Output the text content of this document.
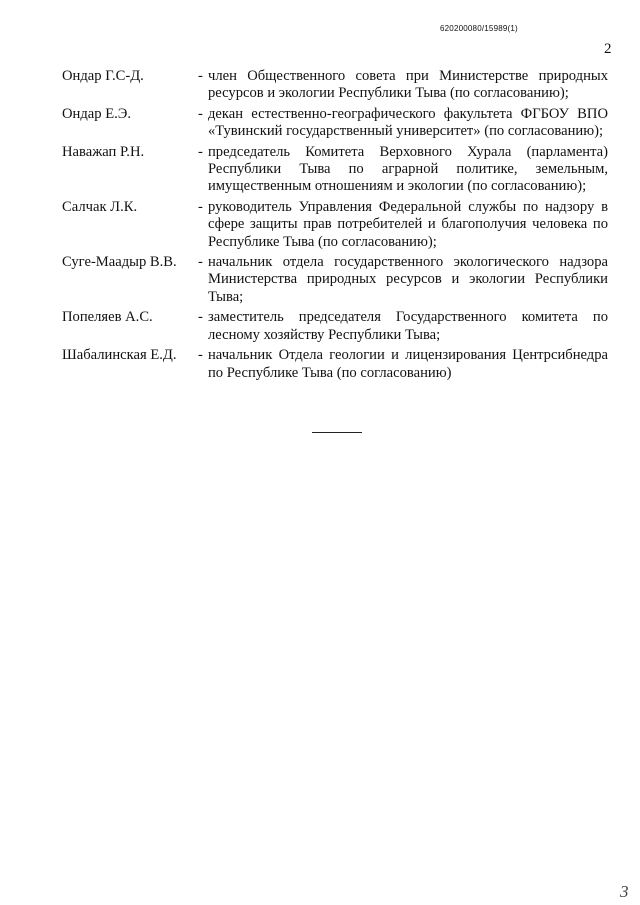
620200080/15989(1)
2
Ондар Г.С-Д.	- член Общественного совета при Министерстве природных ресурсов и экологии Республики Тыва (по согласованию);
Ондар Е.Э.	- декан естественно-географического факультета ФГБОУ ВПО «Тувинский государственный университет» (по согласованию);
Наважап Р.Н.	- председатель Комитета Верховного Хурала (парламента) Республики Тыва по аграрной политике, земельным, имущественным отношениям и экологии (по согласованию);
Салчак Л.К.	- руководитель Управления Федеральной службы по надзору в сфере защиты прав потребителей и благополучия человека по Республике Тыва (по согласованию);
Суге-Маадыр В.В.	- начальник отдела государственного экологического надзора Министерства природных ресурсов и экологии Республики Тыва;
Попеляев А.С.	- заместитель председателя Государственного комитета по лесному хозяйству Республики Тыва;
Шабалинская Е.Д.	- начальник Отдела геологии и лицензирования Центрсибнедра по Республике Тыва (по согласованию)
3
